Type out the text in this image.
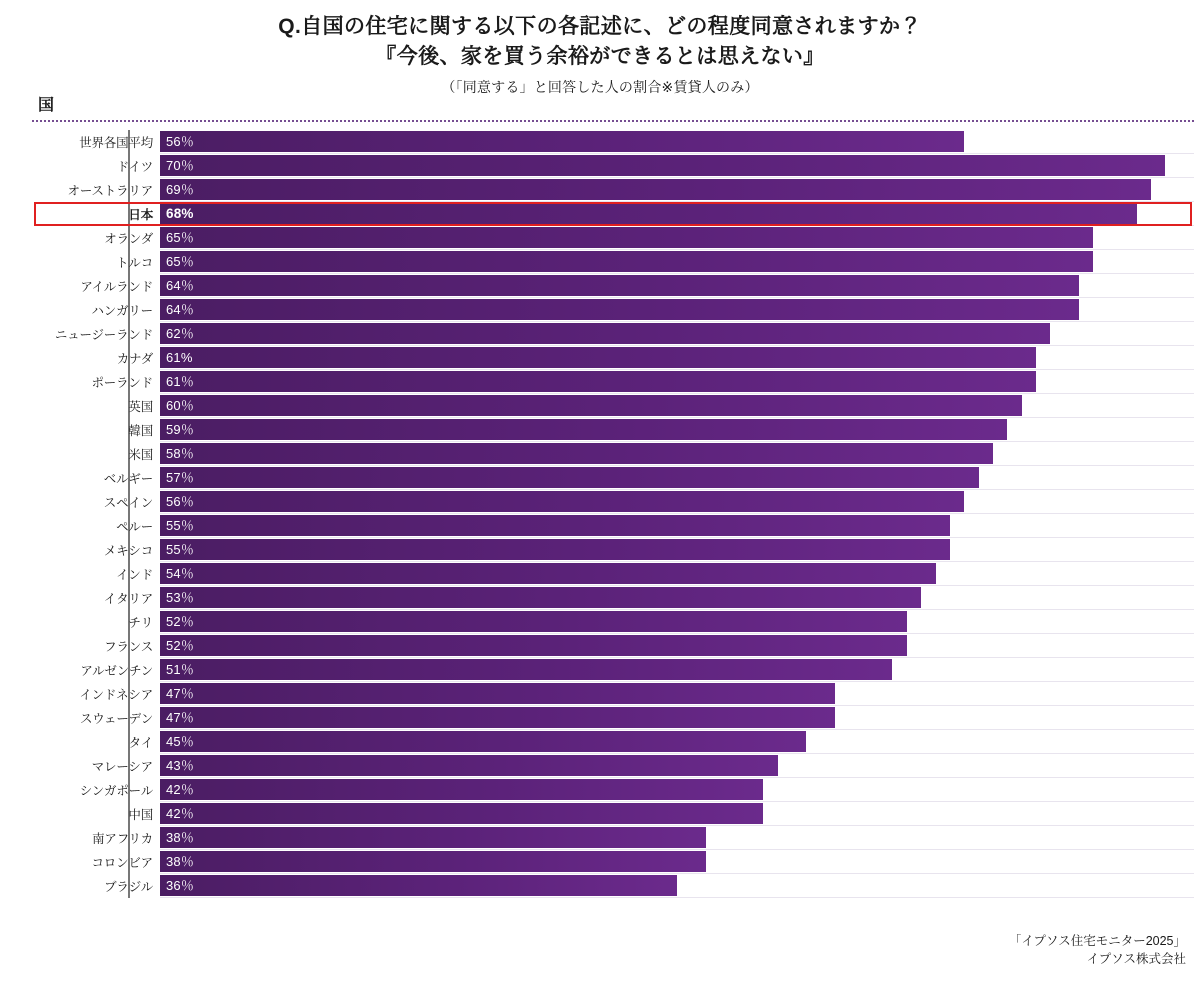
Q.自国の住宅に関する以下の各記述に、どの程度同意されますか？
『今後、家を買う余裕ができるとは思えない』
（「同意する」と回答した人の割合※賃貸人のみ）
国
世界各国平均	56％
ドイツ	70％
オーストラリア	69％
日本 68%
オランダ	65％
トルコ	65％
アイルランド	64％
ハンガリー	64％
ニュージーランド	62％
カナダ	61%
ポーランド	61％
英国	60％
韓国	59％
米国	58％
ベルギー	57％
スペイン	56％
ペルー	55％
メキシコ	55％
インド	54％
イタリア	53％
チリ	52％
フランス	52％
アルゼンチン	51％
インドネシア	47％
スウェーデン	47％
タイ	45％
マレーシア	43％
シンガポール	42％
中国	42％
南アフリカ	38％
コロンビア	38％
ブラジル	36％
「イプソス住宅モニター2025」
イプソス株式会社
